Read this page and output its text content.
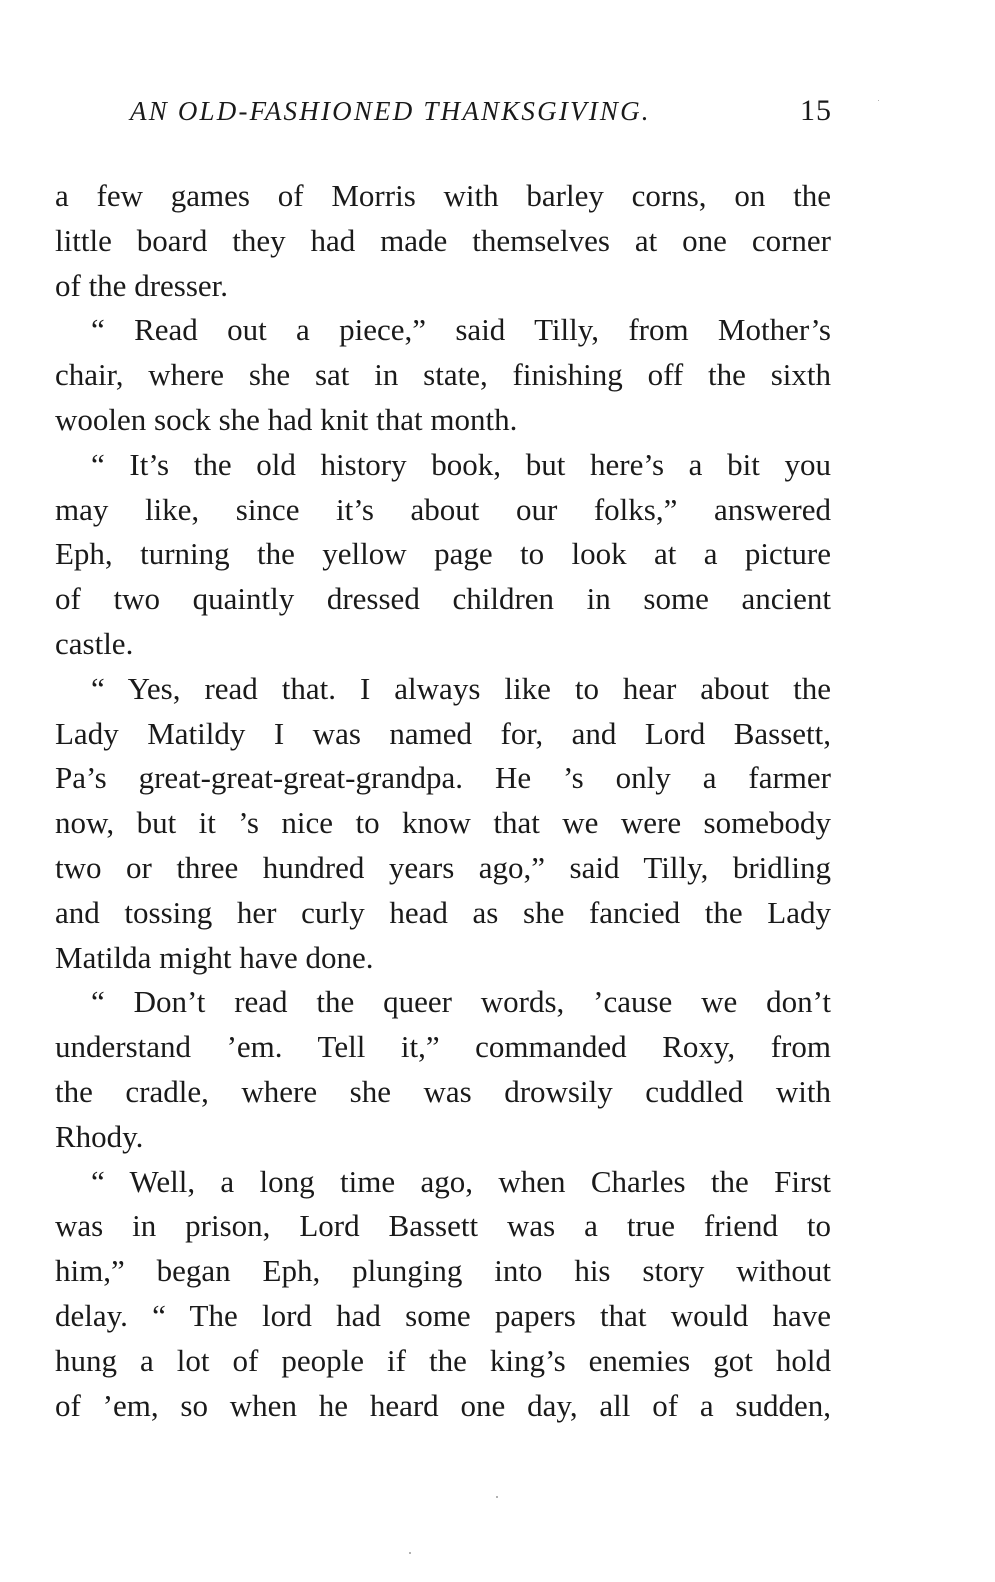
AN OLD-FASHIONED THANKSGIVING.	15
a few games of Morris with barley corns, on the
little board they had made themselves at one corner
of the dresser.
“ Read out a piece,” said Tilly, from Mother’s
chair, where she sat in state, finishing off the sixth
woolen sock she had knit that month.
“ It’s the old history book, but here’s a bit you
may like, since it’s about our folks,” answered
Eph, turning the yellow page to look at a picture
of two quaintly dressed children in some ancient
castle.
“ Yes, read that. I always like to hear about the
Lady Matildy I was named for, and Lord Bassett,
Pa’s great-great-great-grandpa. He ’s only a farmer
now, but it ’s nice to know that we were somebody
two or three hundred years ago,” said Tilly, bridling
and tossing her curly head as she fancied the Lady
Matilda might have done.
“ Don’t read the queer words, ’cause we don’t
understand ’em. Tell it,” commanded Roxy, from
the cradle, where she was drowsily cuddled with
Rhody.
“ Well, a long time ago, when Charles the First
was in prison, Lord Bassett was a true friend to
him,” began Eph, plunging into his story without
delay. “ The lord had some papers that would have
hung a lot of people if the king’s enemies got hold
of ’em, so when he heard one day, all of a sudden,
